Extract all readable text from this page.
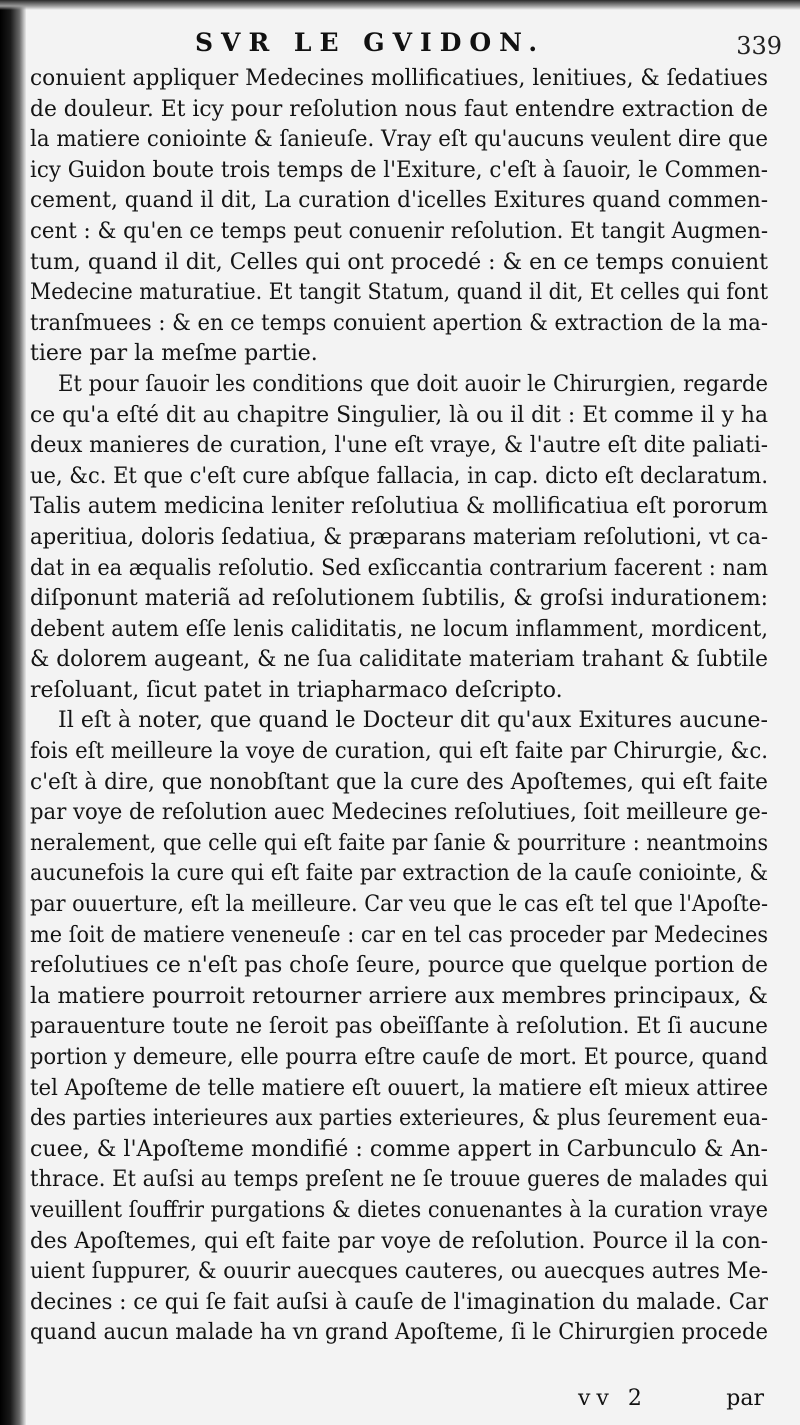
SVR LE GVIDON.	339
conuient appliquer Medecines mollificatiues, lenitiues, & ſedatiues
de douleur. Et icy pour reſolution nous faut entendre extraction de
la matiere coniointe & ſanieuſe. Vray eſt qu'aucuns veulent dire que
icy Guidon boute trois temps de l'Exiture, c'eſt à ſauoir, le Commen-
cement, quand il dit, La curation d'icelles Exitures quand commen-
cent : & qu'en ce temps peut conuenir reſolution. Et tangit Augmen-
tum, quand il dit, Celles qui ont procedé : & en ce temps conuient
Medecine maturatiue. Et tangit Statum, quand il dit, Et celles qui font
tranſmuees : & en ce temps conuient apertion & extraction de la ma-
tiere par la meſme partie.
Et pour ſauoir les conditions que doit auoir le Chirurgien, regarde
ce qu'a eſté dit au chapitre Singulier, là ou il dit : Et comme il y ha
deux manieres de curation, l'une eſt vraye, & l'autre eſt dite paliati-
ue, &c. Et que c'eſt cure abſque fallacia, in cap. dicto eſt declaratum.
Talis autem medicina leniter reſolutiua & mollificatiua eſt pororum
aperitiua, doloris ſedatiua, & præparans materiam reſolutioni, vt ca-
dat in ea æqualis reſolutio. Sed exſiccantia contrarium facerent : nam
diſponunt materiã ad reſolutionem ſubtilis, & groſsi indurationem:
debent autem eſſe lenis caliditatis, ne locum inflamment, mordicent,
& dolorem augeant, & ne ſua caliditate materiam trahant & ſubtile
reſoluant, ſicut patet in triapharmaco deſcripto.
Il eſt à noter, que quand le Docteur dit qu'aux Exitures aucune-
fois eſt meilleure la voye de curation, qui eſt faite par Chirurgie, &c.
c'eſt à dire, que nonobſtant que la cure des Apoſtemes, qui eſt faite
par voye de reſolution auec Medecines reſolutiues, ſoit meilleure ge-
neralement, que celle qui eſt faite par ſanie & pourriture : neantmoins
aucunefois la cure qui eſt faite par extraction de la cauſe coniointe, &
par ouuerture, eſt la meilleure. Car veu que le cas eſt tel que l'Apoſte-
me ſoit de matiere veneneuſe : car en tel cas proceder par Medecines
reſolutiues ce n'eſt pas choſe ſeure, pource que quelque portion de
la matiere pourroit retourner arriere aux membres principaux, &
parauenture toute ne ſeroit pas obeïſſante à reſolution. Et ſi aucune
portion y demeure, elle pourra eſtre cauſe de mort. Et pource, quand
tel Apoſteme de telle matiere eſt ouuert, la matiere eſt mieux attiree
des parties interieures aux parties exterieures, & plus ſeurement eua-
cuee, & l'Apoſteme mondifié : comme appert in Carbunculo & An-
thrace. Et auſsi au temps preſent ne ſe trouue gueres de malades qui
veuillent ſouffrir purgations & dietes conuenantes à la curation vraye
des Apoſtemes, qui eſt faite par voye de reſolution. Pource il la con-
uient ſuppurer, & ouurir auecques cauteres, ou auecques autres Me-
decines : ce qui ſe fait auſsi à cauſe de l'imagination du malade. Car
quand aucun malade ha vn grand Apoſteme, ſi le Chirurgien procede
vv 2	par
